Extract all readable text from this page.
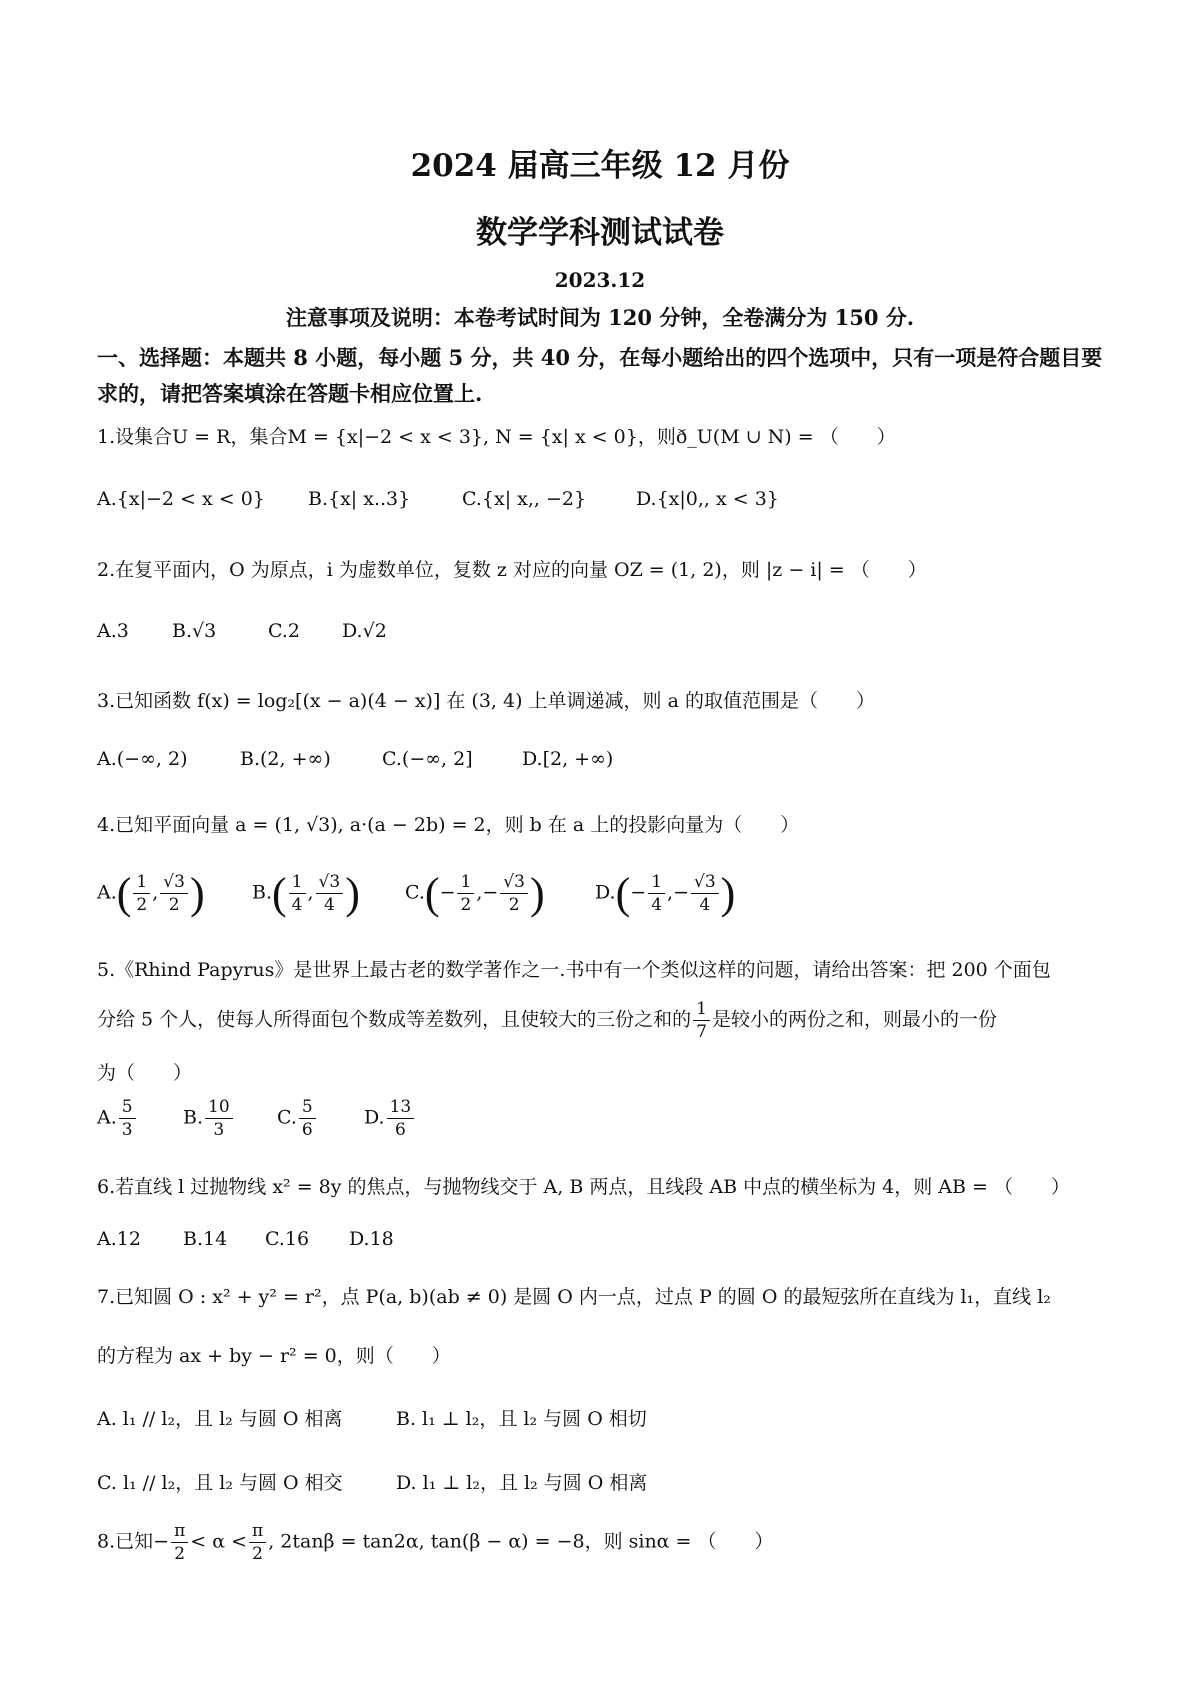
2024 届高三年级 12 月份
数学学科测试试卷
2023.12
注意事项及说明：本卷考试时间为 120 分钟，全卷满分为 150 分.
一、选择题：本题共 8 小题，每小题 5 分，共 40 分，在每小题给出的四个选项中，只有一项是符合题目要求的，请把答案填涂在答题卡相应位置上.
1.设集合U = R，集合M = {x|−2 < x < 3}, N = {x| x < 0}，则ð_U(M ∪ N) = （　　）
A.{x|−2 < x < 0} B.{x| x..3}	C.{x| x,, −2}	D.{x|0,, x < 3}
2.在复平面内，O 为原点，i 为虚数单位，复数 z 对应的向量 OZ = (1, 2)，则 |z − i| = （　　）
A.3 B.√3	C.2 D.√2
3.已知函数 f(x) = log₂[(x − a)(4 − x)] 在 (3, 4) 上单调递减，则 a 的取值范围是（　　）
A.(−∞, 2)	B.(2, +∞)	C.(−∞, 2]	D.[2, +∞)
4.已知平面向量 a = (1, √3), a·(a − 2b) = 2，则 b 在 a 上的投影向量为（　　）
$A.( \frac{1}{2}$ , $\frac{√3}{2}$ ) $B.( \frac{1}{4}$ , $\frac{√3}{4}$ ) $C.(- \frac{1}{2}$ ,− $\frac{√3}{2}$ )	$D.(- \frac{1}{4}$ ,− $\frac{√3}{4}$ )
5.《Rhind Papyrus》是世界上最古老的数学著作之一.书中有一个类似这样的问题，请给出答案：把 200 个面包
分给 5 个人，使每人所得面包个数成等差数列，且使较大的三份之和的 $\frac{1}{7}$ 是较小的两份之和，则最小的一份
为（　　）
A. $\frac{5}{3} B$. $\frac{10}{3} C$. $\frac{5}{6}$	D. $\frac{13}{6}$
6.若直线 l 过抛物线 x² = 8y 的焦点，与抛物线交于 A, B 两点，且线段 AB 中点的横坐标为 4，则 AB = （　　）
A.12 B.14 C.16 D.18
7.已知圆 O : x² + y² = r²，点 P(a, b)(ab ≠ 0) 是圆 O 内一点，过点 P 的圆 O 的最短弦所在直线为 l₁，直线 l₂
的方程为 ax + by − r² = 0，则（　　）
A. l₁ // l₂，且 l₂ 与圆 O 相离	B. l₁ ⊥ l₂，且 l₂ 与圆 O 相切
C. l₁ // l₂，且 l₂ 与圆 O 相交	D. l₁ ⊥ l₂，且 l₂ 与圆 O 相离
8.已知− $\frac{\pi}{2} < \alpha < \frac{\pi}{2}$ , 2tanβ = tan2α, tan(β − α) = −8，则 sinα = （　　）
